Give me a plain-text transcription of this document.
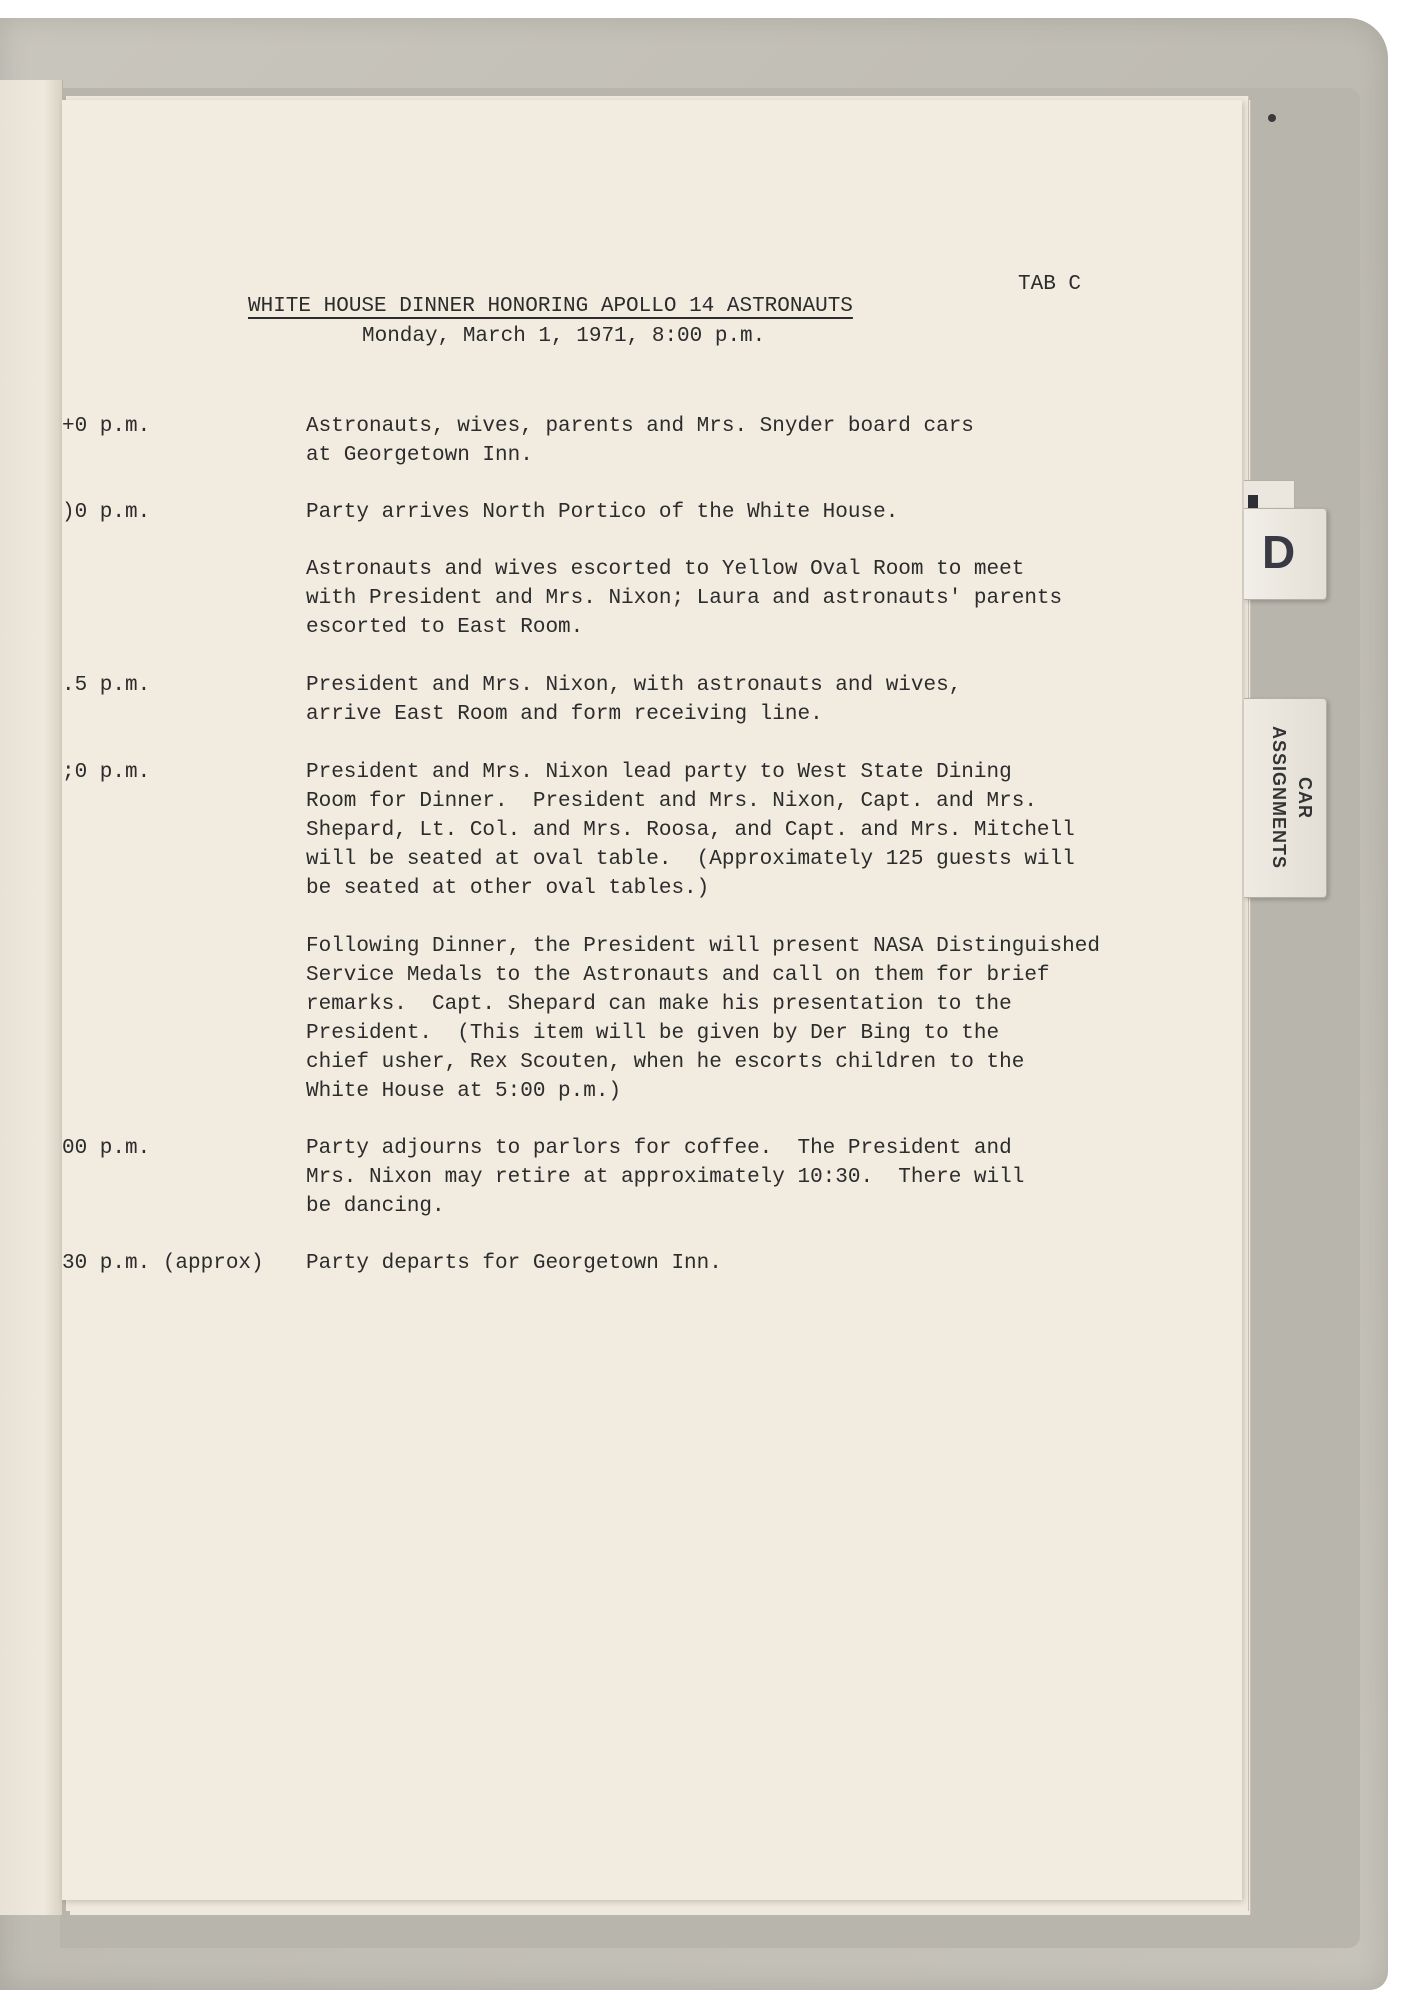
TAB C
WHITE HOUSE DINNER HONORING APOLLO 14 ASTRONAUTS
Monday, March 1, 1971, 8:00 p.m.
+0 p.m.	Astronauts, wives, parents and Mrs. Snyder board cars
at Georgetown Inn.
)0 p.m.	Party arrives North Portico of the White House.
Astronauts and wives escorted to Yellow Oval Room to meet
with President and Mrs. Nixon; Laura and astronauts' parents
escorted to East Room.
.5 p.m.	President and Mrs. Nixon, with astronauts and wives,
arrive East Room and form receiving line.
;0 p.m.	President and Mrs. Nixon lead party to West State Dining
Room for Dinner.  President and Mrs. Nixon, Capt. and Mrs.
Shepard, Lt. Col. and Mrs. Roosa, and Capt. and Mrs. Mitchell
will be seated at oval table.  (Approximately 125 guests will
be seated at other oval tables.)
Following Dinner, the President will present NASA Distinguished
Service Medals to the Astronauts and call on them for brief
remarks.  Capt. Shepard can make his presentation to the
President.  (This item will be given by Der Bing to the
chief usher, Rex Scouten, when he escorts children to the
White House at 5:00 p.m.)
00 p.m.	Party adjourns to parlors for coffee.  The President and
Mrs. Nixon may retire at approximately 10:30.  There will
be dancing.
30 p.m. (approx) Party departs for Georgetown Inn.
D
CAR
ASSIGNMENTS
